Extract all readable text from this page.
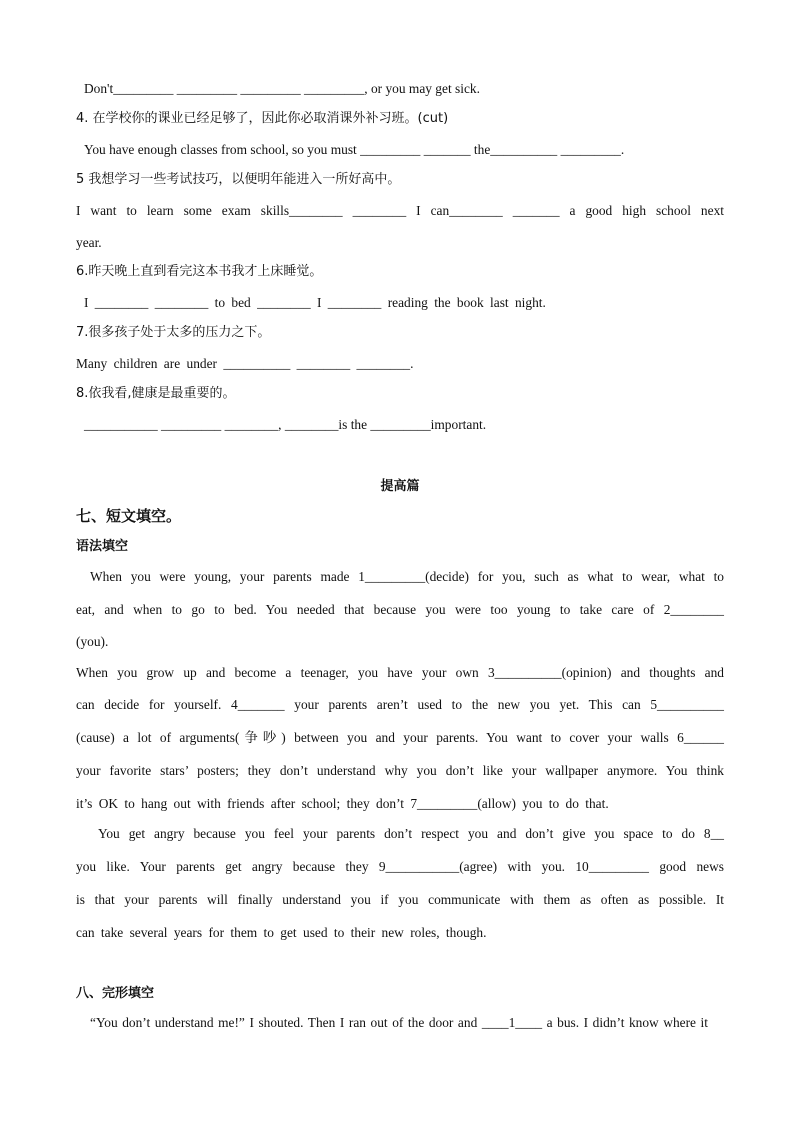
Don't_________ _________ _________ _________, or you may get sick.
4. 在学校你的课业已经足够了，因此你必取消课外补习班。(cut)
You have enough classes from school, so you must _________ _______ the__________ _________.
5 我想学习一些考试技巧，以便明年能进入一所好高中。
I want to learn some exam skills________ ________ I can________ _______ a good high school next
year.
6.昨天晚上直到看完这本书我才上床睡觉。
I ________ ________ to bed ________ I ________ reading the book last night.
7.很多孩子处于太多的压力之下。
Many children are under __________ ________ ________.
8.依我看,健康是最重要的。
___________ _________ ________, ________is the _________important.
提高篇
七、短文填空。
语法填空
When you were young, your parents made 1_________(decide) for you, such as what to wear, what to
eat, and when to go to bed. You needed that because you were too young to take care of 2________
(you).
When you grow up and become a teenager, you have your own 3__________(opinion) and thoughts and
can decide for yourself. 4_______ your parents aren’t used to the new you yet. This can 5__________
(cause) a lot of arguments(争吵) between you and your parents. You want to cover your walls 6______
your favorite stars’ posters; they don’t understand why you don’t like your wallpaper anymore. You think
it’s OK to hang out with friends after school; they don’t 7_________(allow) you to do that.
You get angry because you feel your parents don’t respect you and don’t give you space to do 8__
you like. Your parents get angry because they 9___________(agree) with you. 10_________ good news
is that your parents will finally understand you if you communicate with them as often as possible. It
can take several years for them to get used to their new roles, though.
八、完形填空
“You don’t understand me!” I shouted. Then I ran out of the door and ____1____ a bus. I didn’t know where it
